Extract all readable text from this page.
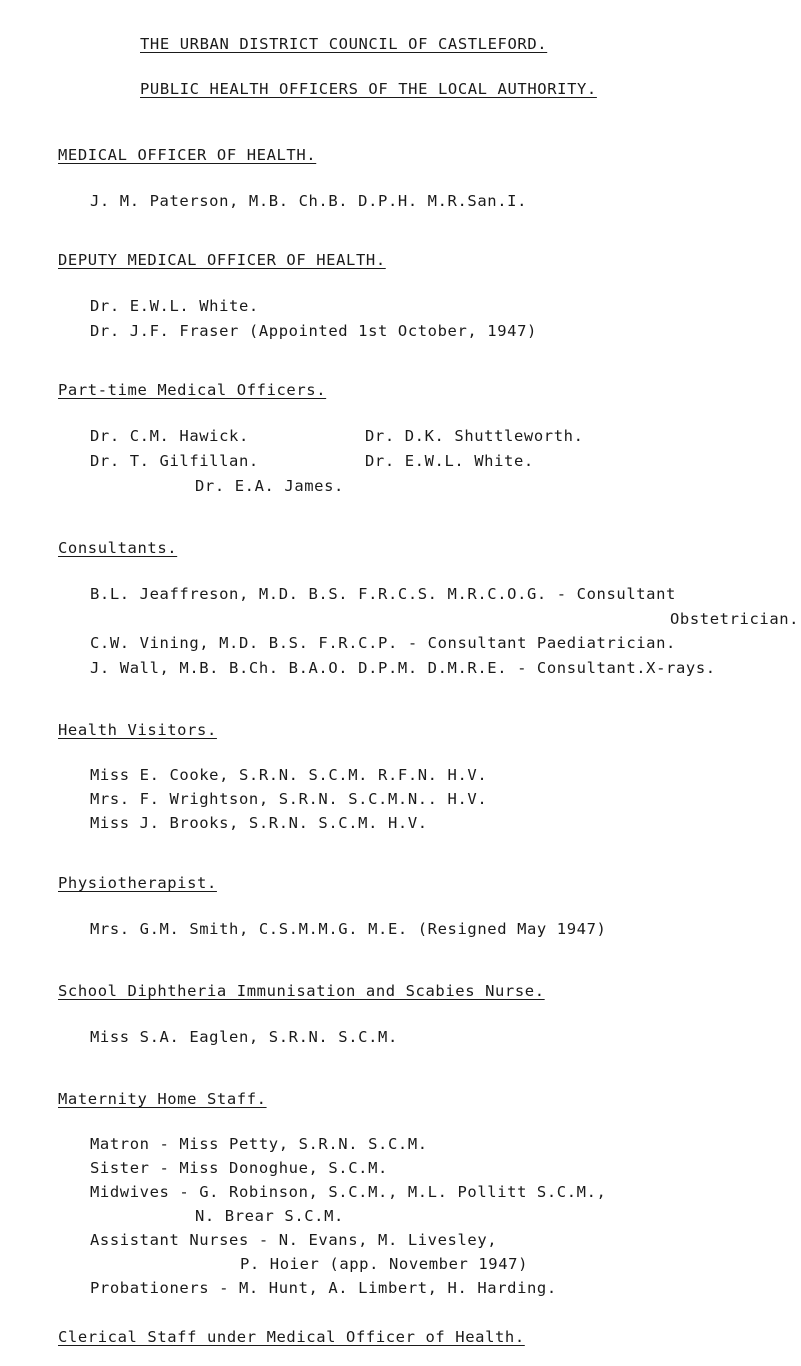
THE URBAN DISTRICT COUNCIL OF CASTLEFORD.
PUBLIC HEALTH OFFICERS OF THE LOCAL AUTHORITY.
MEDICAL OFFICER OF HEALTH.
J. M. Paterson, M.B. Ch.B. D.P.H. M.R.San.I.
DEPUTY MEDICAL OFFICER OF HEALTH.
Dr. E.W.L. White.
Dr. J.F. Fraser (Appointed 1st October, 1947)
Part-time Medical Officers.
Dr. C.M. Hawick.	Dr. D.K. Shuttleworth.
Dr. T. Gilfillan.	Dr. E.W.L. White.
Dr. E.A. James.
Consultants.
B.L. Jeaffreson, M.D. B.S. F.R.C.S. M.R.C.O.G. - Consultant
Obstetrician.
C.W. Vining, M.D. B.S. F.R.C.P. - Consultant Paediatrician.
J. Wall, M.B. B.Ch. B.A.O. D.P.M. D.M.R.E. - Consultant.X-rays.
Health Visitors.
Miss E. Cooke, S.R.N. S.C.M. R.F.N. H.V.
Mrs. F. Wrightson, S.R.N. S.C.M.N.. H.V.
Miss J. Brooks, S.R.N. S.C.M. H.V.
Physiotherapist.
Mrs. G.M. Smith, C.S.M.M.G. M.E. (Resigned May 1947)
School Diphtheria Immunisation and Scabies Nurse.
Miss S.A. Eaglen, S.R.N. S.C.M.
Maternity Home Staff.
Matron - Miss Petty, S.R.N. S.C.M.
Sister - Miss Donoghue, S.C.M.
Midwives - G. Robinson, S.C.M., M.L. Pollitt S.C.M.,
N. Brear S.C.M.
Assistant Nurses - N. Evans, M. Livesley,
P. Hoier (app. November 1947)
Probationers - M. Hunt, A. Limbert, H. Harding.
Clerical Staff under Medical Officer of Health.
